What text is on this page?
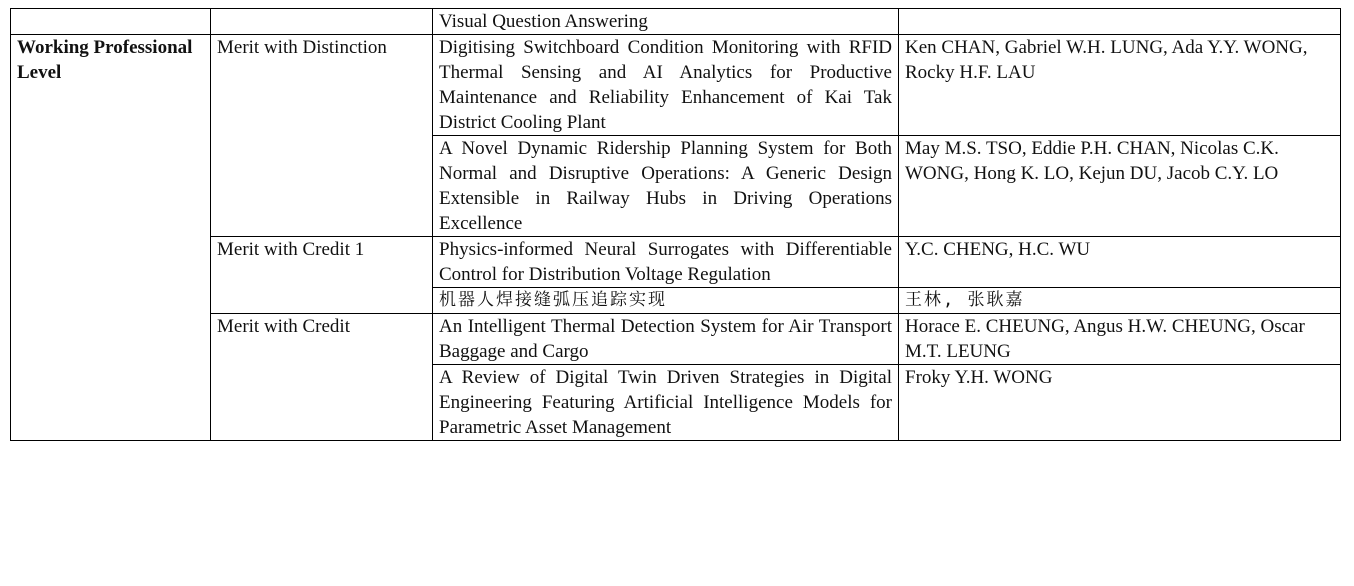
		Visual Question Answering	
Working Professional Level	Merit with Distinction	Digitising Switchboard Condition Monitoring with RFID Thermal Sensing and AI Analytics for Productive Maintenance and Reliability Enhancement of Kai Tak District Cooling Plant	Ken CHAN, Gabriel W.H. LUNG, Ada Y.Y. WONG, Rocky H.F. LAU
		A Novel Dynamic Ridership Planning System for Both Normal and Disruptive Operations: A Generic Design Extensible in Railway Hubs in Driving Operations Excellence	May M.S. TSO, Eddie P.H. CHAN, Nicolas C.K. WONG, Hong K. LO, Kejun DU, Jacob C.Y. LO
	Merit with Credit 1	Physics-informed Neural Surrogates with Differentiable Control for Distribution Voltage Regulation	Y.C. CHENG, H.C. WU
		机器人焊接缝弧压追踪实现	王林, 张耿嘉
	Merit with Credit	An Intelligent Thermal Detection System for Air Transport Baggage and Cargo	Horace E. CHEUNG, Angus H.W. CHEUNG, Oscar M.T. LEUNG
		A Review of Digital Twin Driven Strategies in Digital Engineering Featuring Artificial Intelligence Models for Parametric Asset Management	Froky Y.H. WONG
